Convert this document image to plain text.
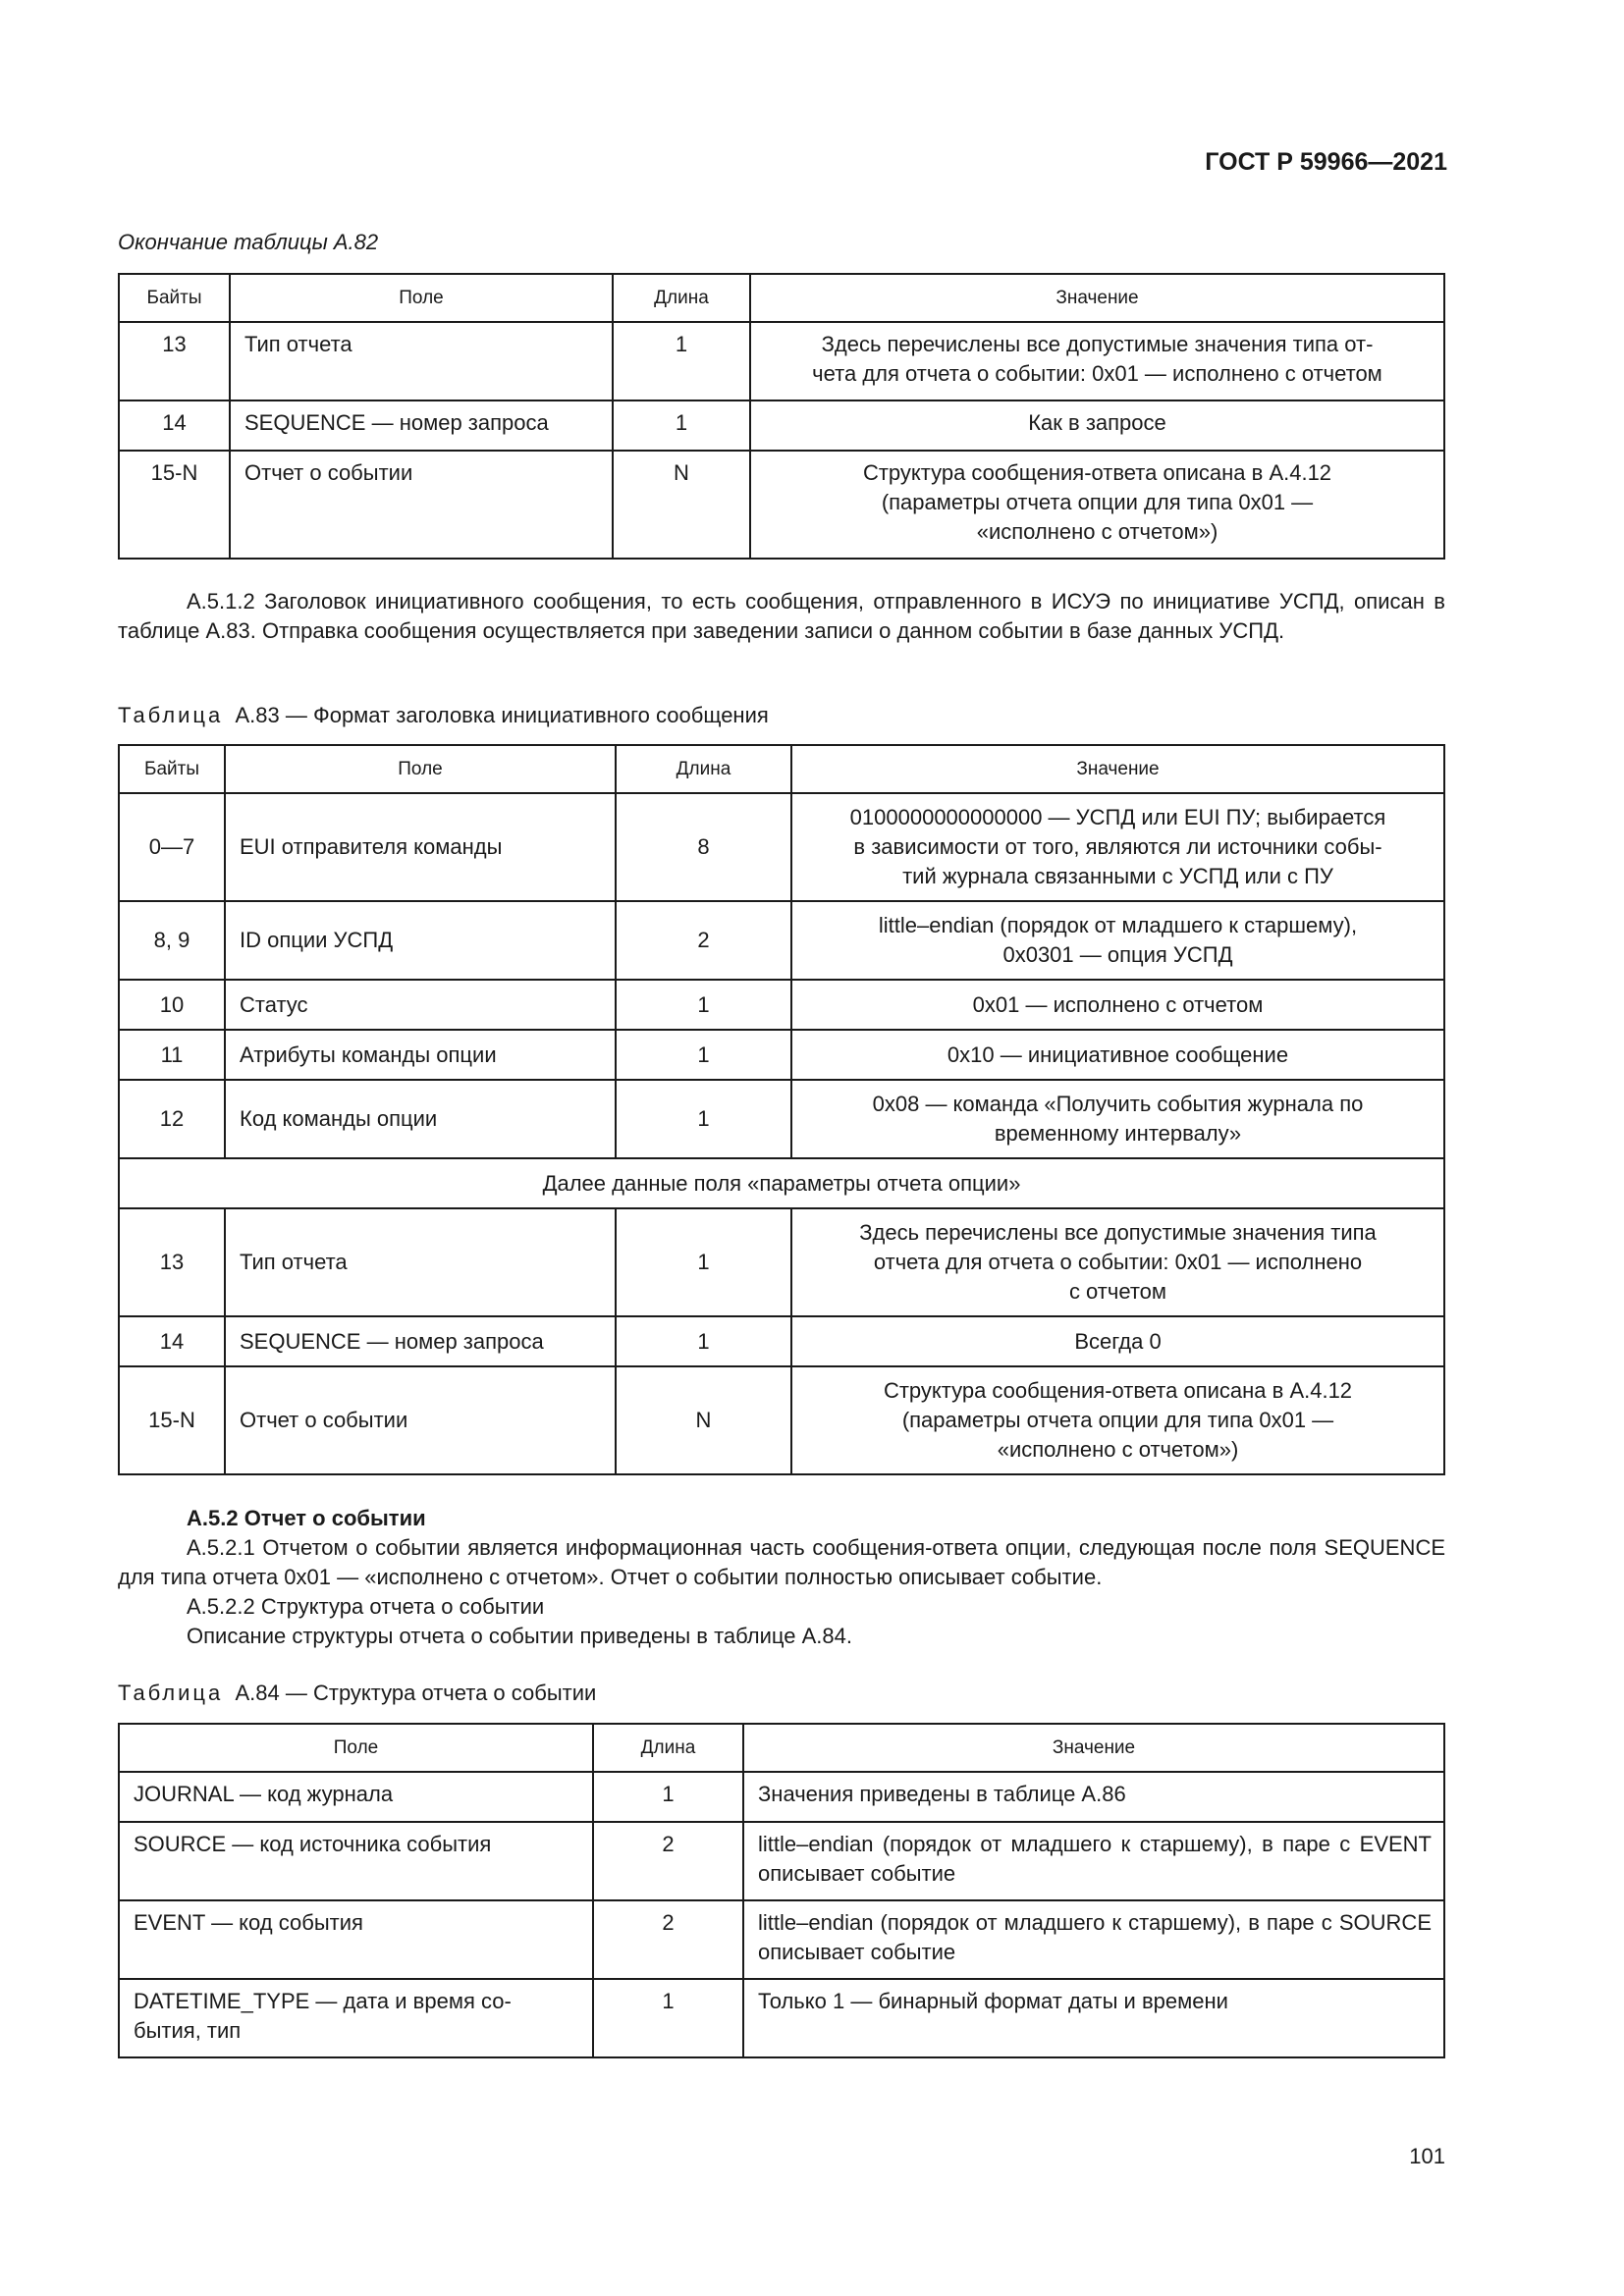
ГОСТ Р 59966—2021
Окончание таблицы А.82
Байты	Поле	Длина	Значение
13	Тип отчета	1	Здесь перечислены все допустимые значения типа от-
чета для отчета о событии: 0x01 — исполнено с отчетом
14	SEQUENCE — номер запроса	1	Как в запросе
15-N	Отчет о событии	N	Структура сообщения-ответа описана в А.4.12
(параметры отчета опции для типа 0x01 —
«исполнено с отчетом»)

А.5.1.2 Заголовок инициативного сообщения, то есть сообщения, отправленного в ИСУЭ по инициативе УСПД, описан в таблице А.83. Отправка сообщения осуществляется при заведении записи о данном событии в базе данных УСПД.

Таблица А.83 — Формат заголовка инициативного сообщения
Байты	Поле	Длина	Значение
0—7	EUI отправителя команды	8	0100000000000000 — УСПД или EUI ПУ; выбирается
в зависимости от того, являются ли источники собы-
тий журнала связанными с УСПД или с ПУ
8, 9	ID опции УСПД	2	little–endian (порядок от младшего к старшему),
0x0301 — опция УСПД
10	Статус	1	0x01 — исполнено с отчетом
11	Атрибуты команды опции	1	0x10 — инициативное сообщение
12	Код команды опции	1	0x08 — команда «Получить события журнала по
временному интервалу»
Далее данные поля «параметры отчета опции»			
13	Тип отчета	1	Здесь перечислены все допустимые значения типа
отчета для отчета о событии: 0x01 — исполнено
с отчетом
14	SEQUENCE — номер запроса	1	Всегда 0
15-N	Отчет о событии	N	Структура сообщения-ответа описана в А.4.12
(параметры отчета опции для типа 0x01 —
«исполнено с отчетом»)

А.5.2 Отчет о событии

А.5.2.1 Отчетом о событии является информационная часть сообщения-ответа опции, следующая после поля SEQUENCE для типа отчета 0x01 — «исполнено с отчетом». Отчет о событии полностью описывает событие.

А.5.2.2 Структура отчета о событии

Описание структуры отчета о событии приведены в таблице А.84.

Таблица А.84 — Структура отчета о событии
Поле	Длина	Значение
JOURNAL — код журнала	1	Значения приведены в таблице А.86
SOURCE — код источника события	2	little–endian (порядок от младшего к старшему), в паре с EVENT описывает событие
EVENT — код события	2	little–endian (порядок от младшего к старшему), в паре с SOURCE описывает событие
DATETIME_TYPE — дата и время со-
бытия, тип	1	Только 1 — бинарный формат даты и времени
101
